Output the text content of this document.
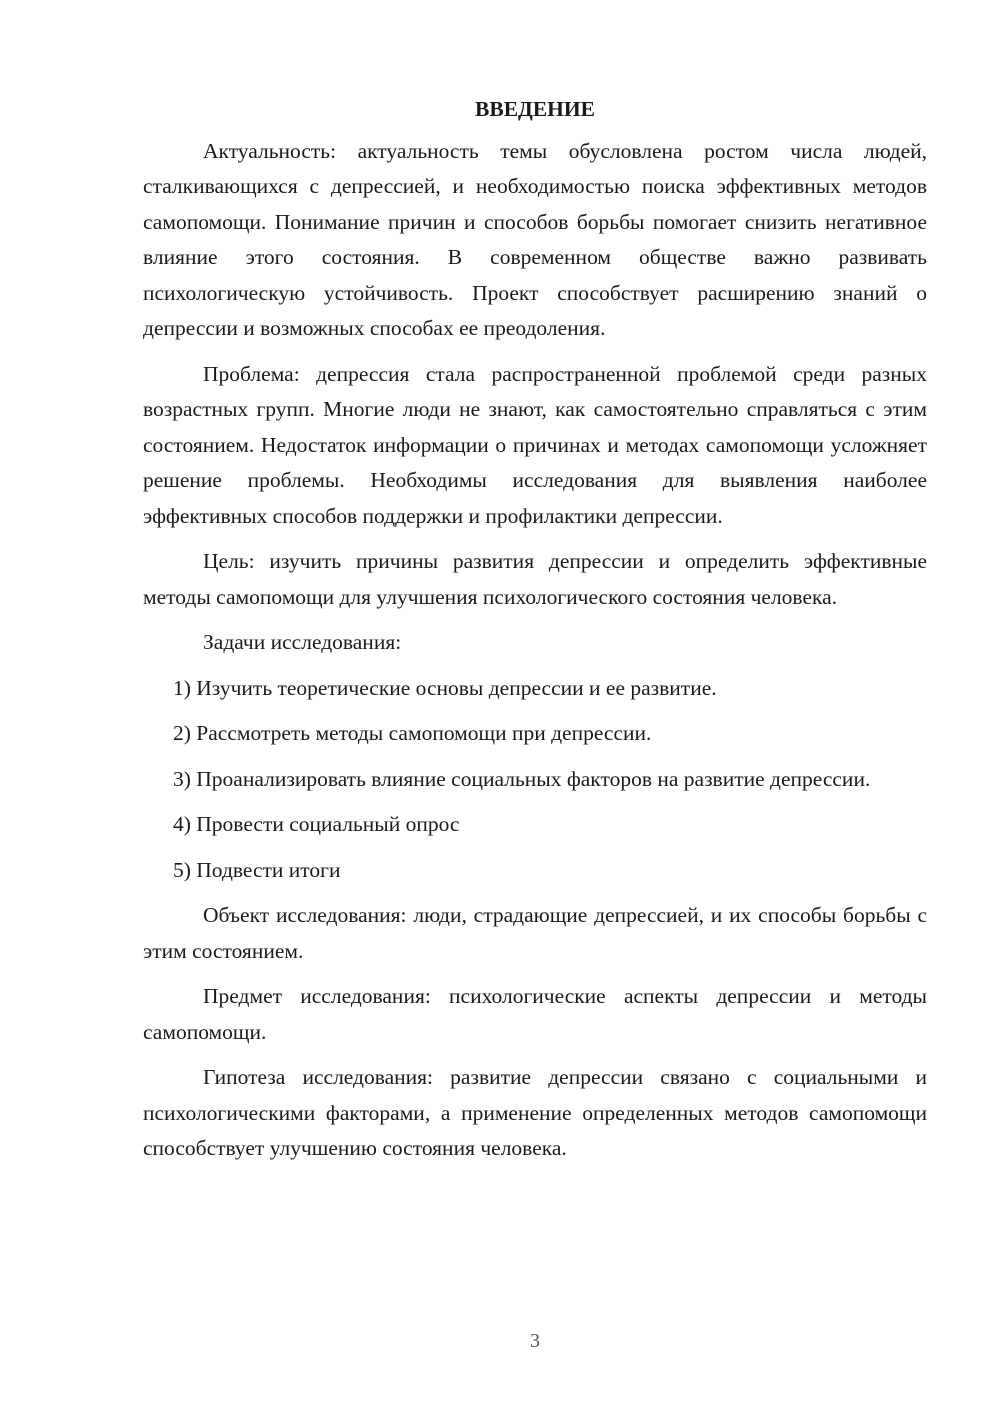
ВВЕДЕНИЕ

Актуальность: актуальность темы обусловлена ростом числа людей, сталкивающихся с депрессией, и необходимостью поиска эффективных методов самопомощи. Понимание причин и способов борьбы помогает снизить негативное влияние этого состояния. В современном обществе важно развивать психологическую устойчивость. Проект способствует расширению знаний о депрессии и возможных способах ее преодоления.

Проблема: депрессия стала распространенной проблемой среди разных возрастных групп. Многие люди не знают, как самостоятельно справляться с этим состоянием. Недостаток информации о причинах и методах самопомощи усложняет решение проблемы. Необходимы исследования для выявления наиболее эффективных способов поддержки и профилактики депрессии.

Цель: изучить причины развития депрессии и определить эффективные методы самопомощи для улучшения психологического состояния человека.

Задачи исследования:

1) Изучить теоретические основы депрессии и ее развитие.

2) Рассмотреть методы самопомощи при депрессии.

3) Проанализировать влияние социальных факторов на развитие депрессии.

4) Провести социальный опрос

5) Подвести итоги

Объект исследования: люди, страдающие депрессией, и их способы борьбы с этим состоянием.

Предмет исследования: психологические аспекты депрессии и методы самопомощи.

Гипотеза исследования: развитие депрессии связано с социальными и психологическими факторами, а применение определенных методов самопомощи способствует улучшению состояния человека.

3
